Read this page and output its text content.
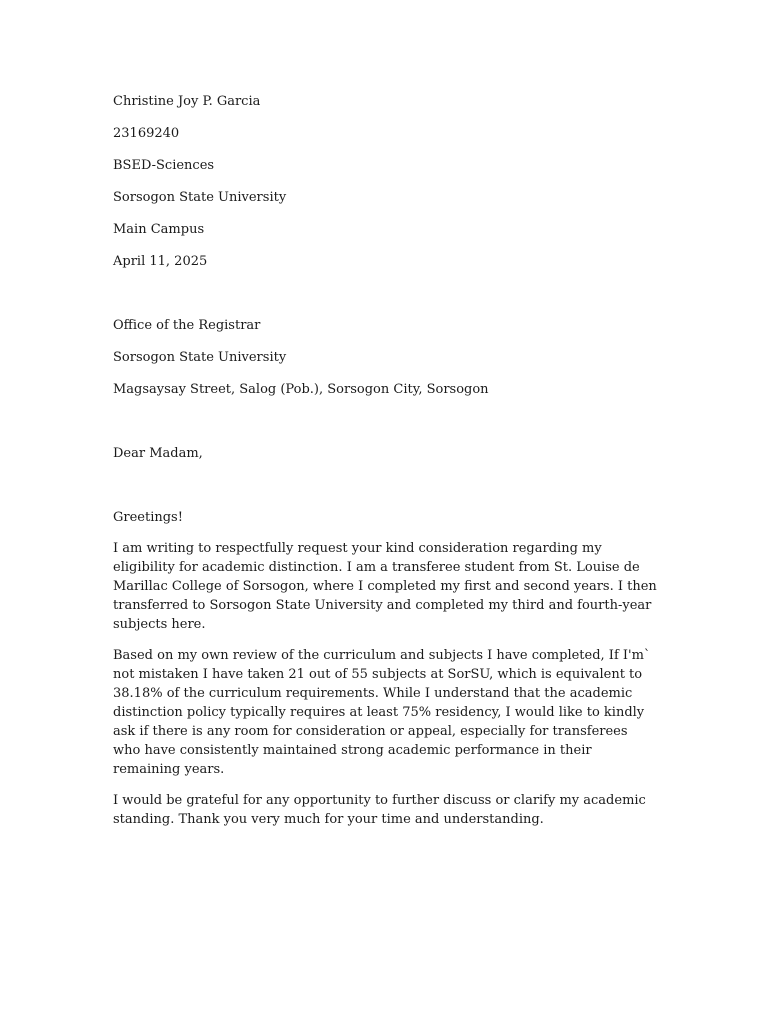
Christine Joy P. Garcia
23169240
BSED-Sciences
Sorsogon State University
Main Campus
April 11, 2025
Office of the Registrar
Sorsogon State University
Magsaysay Street, Salog (Pob.), Sorsogon City, Sorsogon
Dear Madam,
Greetings!

I am writing to respectfully request your kind consideration regarding my eligibility for academic distinction. I am a transferee student from St. Louise de Marillac College of Sorsogon, where I completed my first and second years. I then transferred to Sorsogon State University and completed my third and fourth-year subjects here.

Based on my own review of the curriculum and subjects I have completed, If I'm` not mistaken I have taken 21 out of 55 subjects at SorSU, which is equivalent to 38.18% of the curriculum requirements. While I understand that the academic distinction policy typically requires at least 75% residency, I would like to kindly ask if there is any room for consideration or appeal, especially for transferees who have consistently maintained strong academic performance in their remaining years.

I would be grateful for any opportunity to further discuss or clarify my academic standing. Thank you very much for your time and understanding.
